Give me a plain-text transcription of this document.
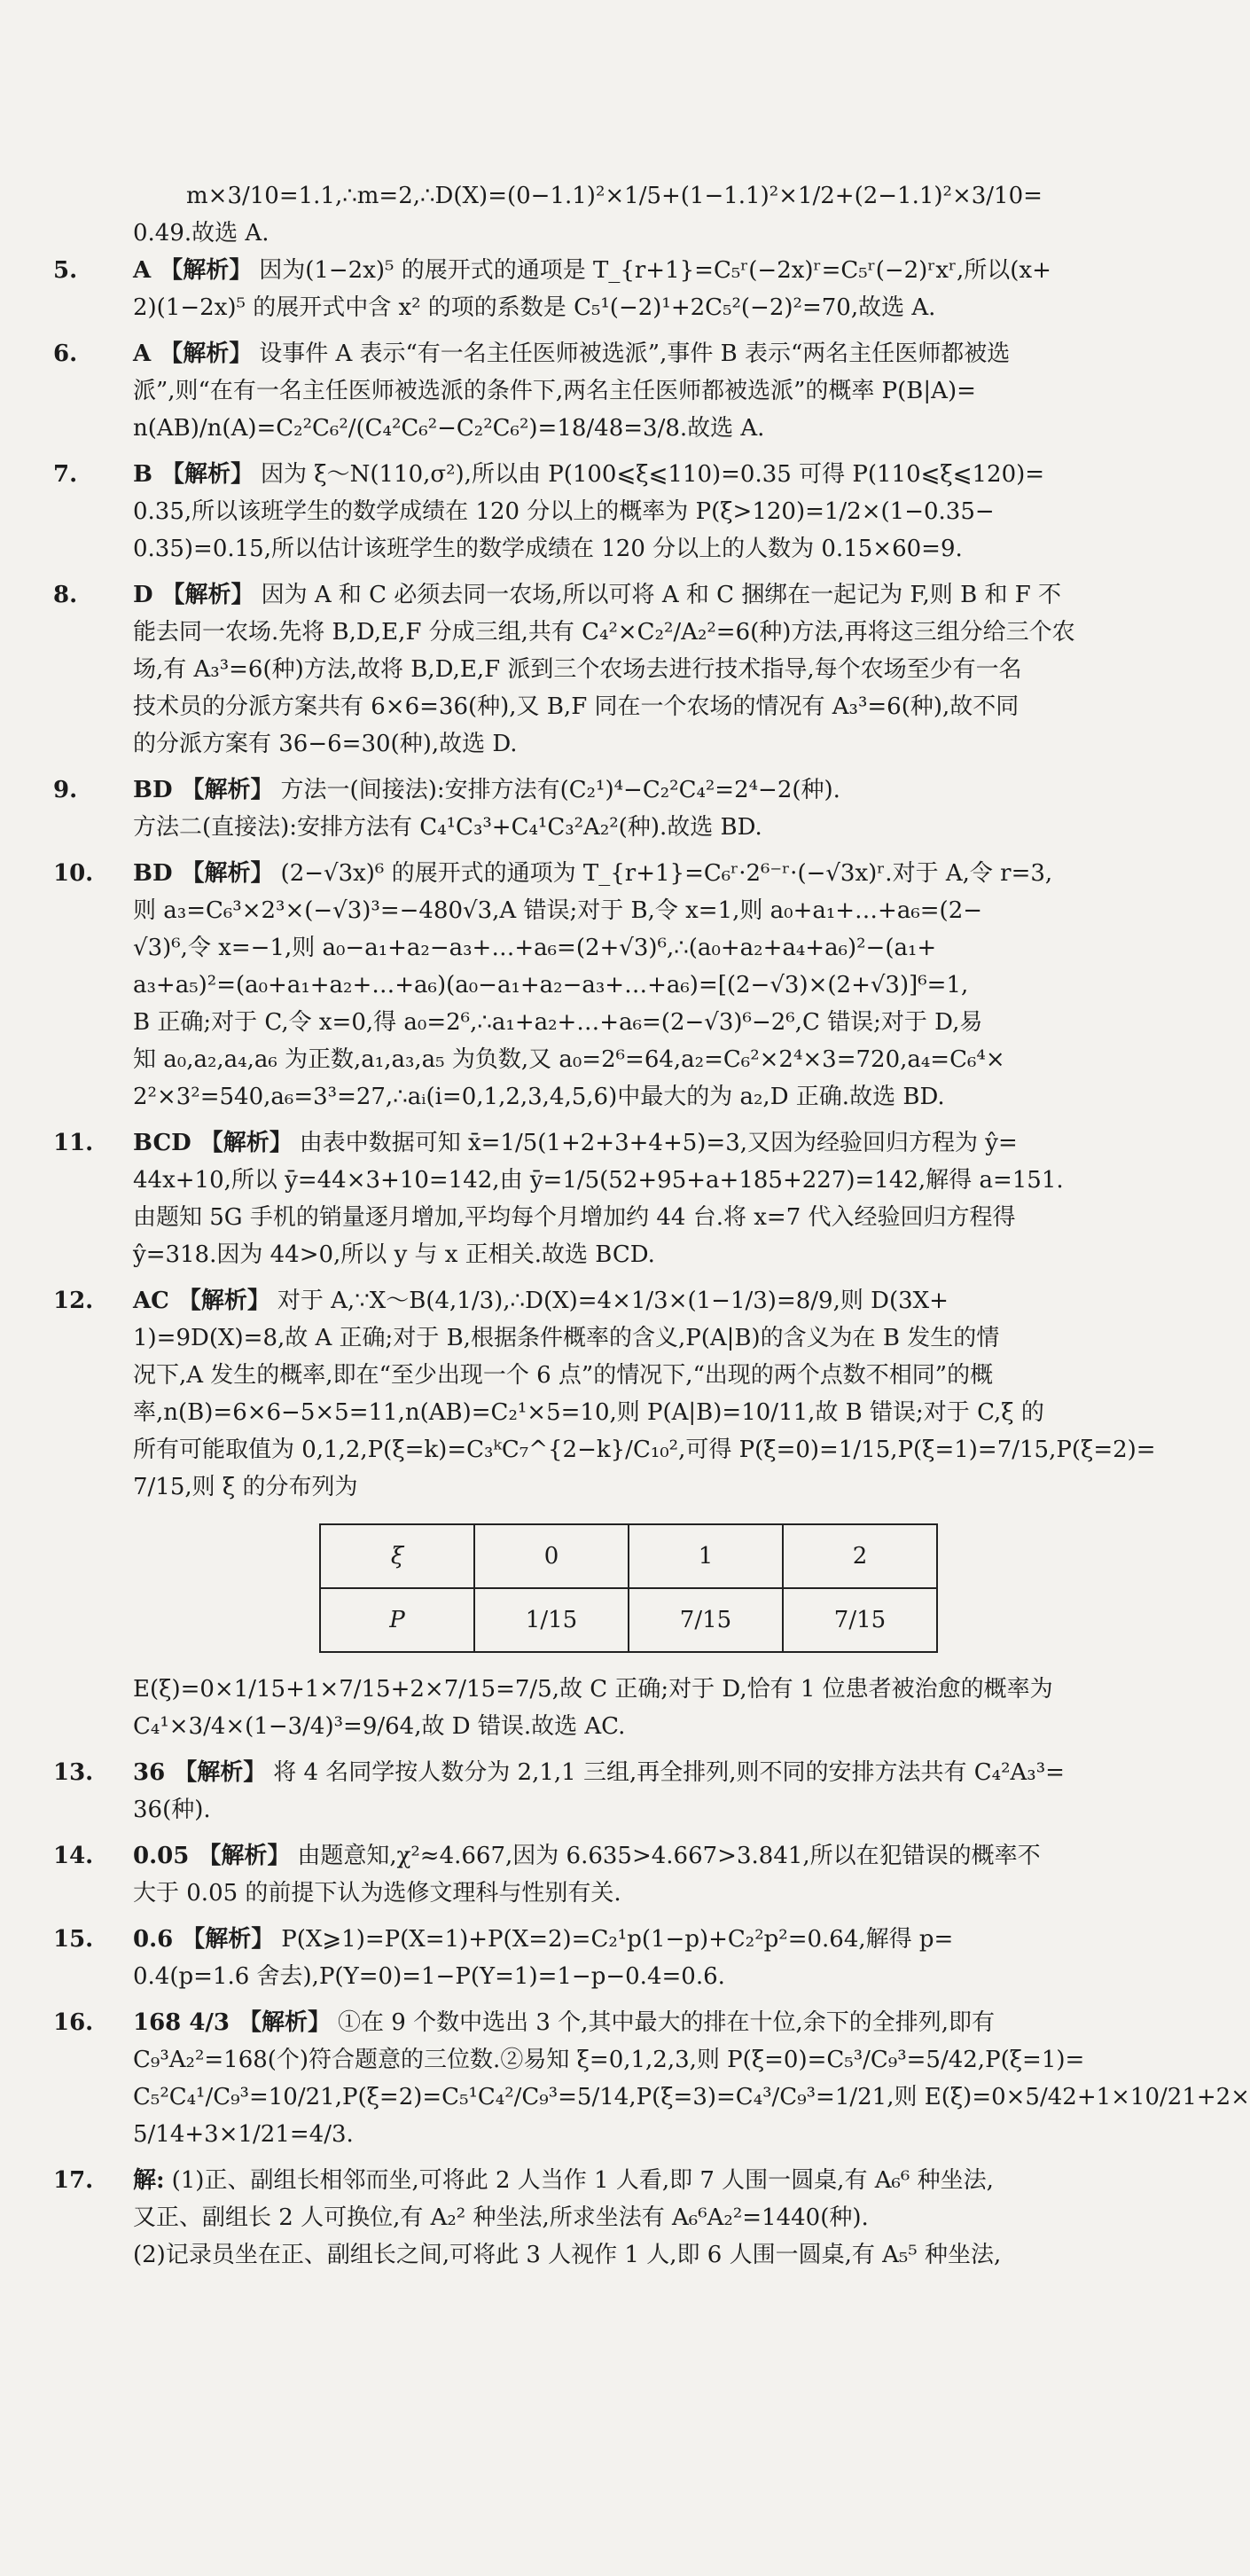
m×3/10=1.1,∴m=2,∴D(X)=(0−1.1)²×1/5+(1−1.1)²×1/2+(2−1.1)²×3/10=
0.49.故选 A.
5. A 【解析】 因为(1−2x)⁵ 的展开式的通项是 T_{r+1}=C₅ʳ(−2x)ʳ=C₅ʳ(−2)ʳxʳ,所以(x+
2)(1−2x)⁵ 的展开式中含 x² 的项的系数是 C₅¹(−2)¹+2C₅²(−2)²=70,故选 A.
6. A 【解析】 设事件 A 表示“有一名主任医师被选派”,事件 B 表示“两名主任医师都被选
派”,则“在有一名主任医师被选派的条件下,两名主任医师都被选派”的概率 P(B|A)=
n(AB)/n(A)=C₂²C₆²/(C₄²C₆²−C₂²C₆²)=18/48=3/8.故选 A.
7. B 【解析】 因为 ξ～N(110,σ²),所以由 P(100⩽ξ⩽110)=0.35 可得 P(110⩽ξ⩽120)=
0.35,所以该班学生的数学成绩在 120 分以上的概率为 P(ξ>120)=1/2×(1−0.35−
0.35)=0.15,所以估计该班学生的数学成绩在 120 分以上的人数为 0.15×60=9.
8. D 【解析】 因为 A 和 C 必须去同一农场,所以可将 A 和 C 捆绑在一起记为 F,则 B 和 F 不
能去同一农场.先将 B,D,E,F 分成三组,共有 C₄²×C₂²/A₂²=6(种)方法,再将这三组分给三个农
场,有 A₃³=6(种)方法,故将 B,D,E,F 派到三个农场去进行技术指导,每个农场至少有一名
技术员的分派方案共有 6×6=36(种),又 B,F 同在一个农场的情况有 A₃³=6(种),故不同
的分派方案有 36−6=30(种),故选 D.
9. BD 【解析】 方法一(间接法):安排方法有(C₂¹)⁴−C₂²C₄²=2⁴−2(种).
方法二(直接法):安排方法有 C₄¹C₃³+C₄¹C₃²A₂²(种).故选 BD.
10. BD 【解析】 (2−√3x)⁶ 的展开式的通项为 T_{r+1}=C₆ʳ·2⁶⁻ʳ·(−√3x)ʳ.对于 A,令 r=3,
则 a₃=C₆³×2³×(−√3)³=−480√3,A 错误;对于 B,令 x=1,则 a₀+a₁+…+a₆=(2−
√3)⁶,令 x=−1,则 a₀−a₁+a₂−a₃+…+a₆=(2+√3)⁶,∴(a₀+a₂+a₄+a₆)²−(a₁+
a₃+a₅)²=(a₀+a₁+a₂+…+a₆)(a₀−a₁+a₂−a₃+…+a₆)=[(2−√3)×(2+√3)]⁶=1,
B 正确;对于 C,令 x=0,得 a₀=2⁶,∴a₁+a₂+…+a₆=(2−√3)⁶−2⁶,C 错误;对于 D,易
知 a₀,a₂,a₄,a₆ 为正数,a₁,a₃,a₅ 为负数,又 a₀=2⁶=64,a₂=C₆²×2⁴×3=720,a₄=C₆⁴×
2²×3²=540,a₆=3³=27,∴aᵢ(i=0,1,2,3,4,5,6)中最大的为 a₂,D 正确.故选 BD.
11. BCD 【解析】 由表中数据可知 x̄=1/5(1+2+3+4+5)=3,又因为经验回归方程为 ŷ=
44x+10,所以 ȳ=44×3+10=142,由 ȳ=1/5(52+95+a+185+227)=142,解得 a=151.
由题知 5G 手机的销量逐月增加,平均每个月增加约 44 台.将 x=7 代入经验回归方程得
ŷ=318.因为 44>0,所以 y 与 x 正相关.故选 BCD.
12. AC 【解析】 对于 A,∵X～B(4,1/3),∴D(X)=4×1/3×(1−1/3)=8/9,则 D(3X+
1)=9D(X)=8,故 A 正确;对于 B,根据条件概率的含义,P(A|B)的含义为在 B 发生的情
况下,A 发生的概率,即在“至少出现一个 6 点”的情况下,“出现的两个点数不相同”的概
率,n(B)=6×6−5×5=11,n(AB)=C₂¹×5=10,则 P(A|B)=10/11,故 B 错误;对于 C,ξ 的
所有可能取值为 0,1,2,P(ξ=k)=C₃ᵏC₇^{2−k}/C₁₀²,可得 P(ξ=0)=1/15,P(ξ=1)=7/15,P(ξ=2)=
7/15,则 ξ 的分布列为
ξ	0	1	2
P	1/15	7/15	7/15
E(ξ)=0×1/15+1×7/15+2×7/15=7/5,故 C 正确;对于 D,恰有 1 位患者被治愈的概率为
C₄¹×3/4×(1−3/4)³=9/64,故 D 错误.故选 AC.
13. 36 【解析】 将 4 名同学按人数分为 2,1,1 三组,再全排列,则不同的安排方法共有 C₄²A₃³=
36(种).
14. 0.05 【解析】 由题意知,χ²≈4.667,因为 6.635>4.667>3.841,所以在犯错误的概率不
大于 0.05 的前提下认为选修文理科与性别有关.
15. 0.6 【解析】 P(X⩾1)=P(X=1)+P(X=2)=C₂¹p(1−p)+C₂²p²=0.64,解得 p=
0.4(p=1.6 舍去),P(Y=0)=1−P(Y=1)=1−p−0.4=0.6.
16. 168 4/3 【解析】 ①在 9 个数中选出 3 个,其中最大的排在十位,余下的全排列,即有
C₉³A₂²=168(个)符合题意的三位数.②易知 ξ=0,1,2,3,则 P(ξ=0)=C₅³/C₉³=5/42,P(ξ=1)=
C₅²C₄¹/C₉³=10/21,P(ξ=2)=C₅¹C₄²/C₉³=5/14,P(ξ=3)=C₄³/C₉³=1/21,则 E(ξ)=0×5/42+1×10/21+2×
5/14+3×1/21=4/3.
17. 解: (1)正、副组长相邻而坐,可将此 2 人当作 1 人看,即 7 人围一圆桌,有 A₆⁶ 种坐法,
又正、副组长 2 人可换位,有 A₂² 种坐法,所求坐法有 A₆⁶A₂²=1440(种).
(2)记录员坐在正、副组长之间,可将此 3 人视作 1 人,即 6 人围一圆桌,有 A₅⁵ 种坐法,
